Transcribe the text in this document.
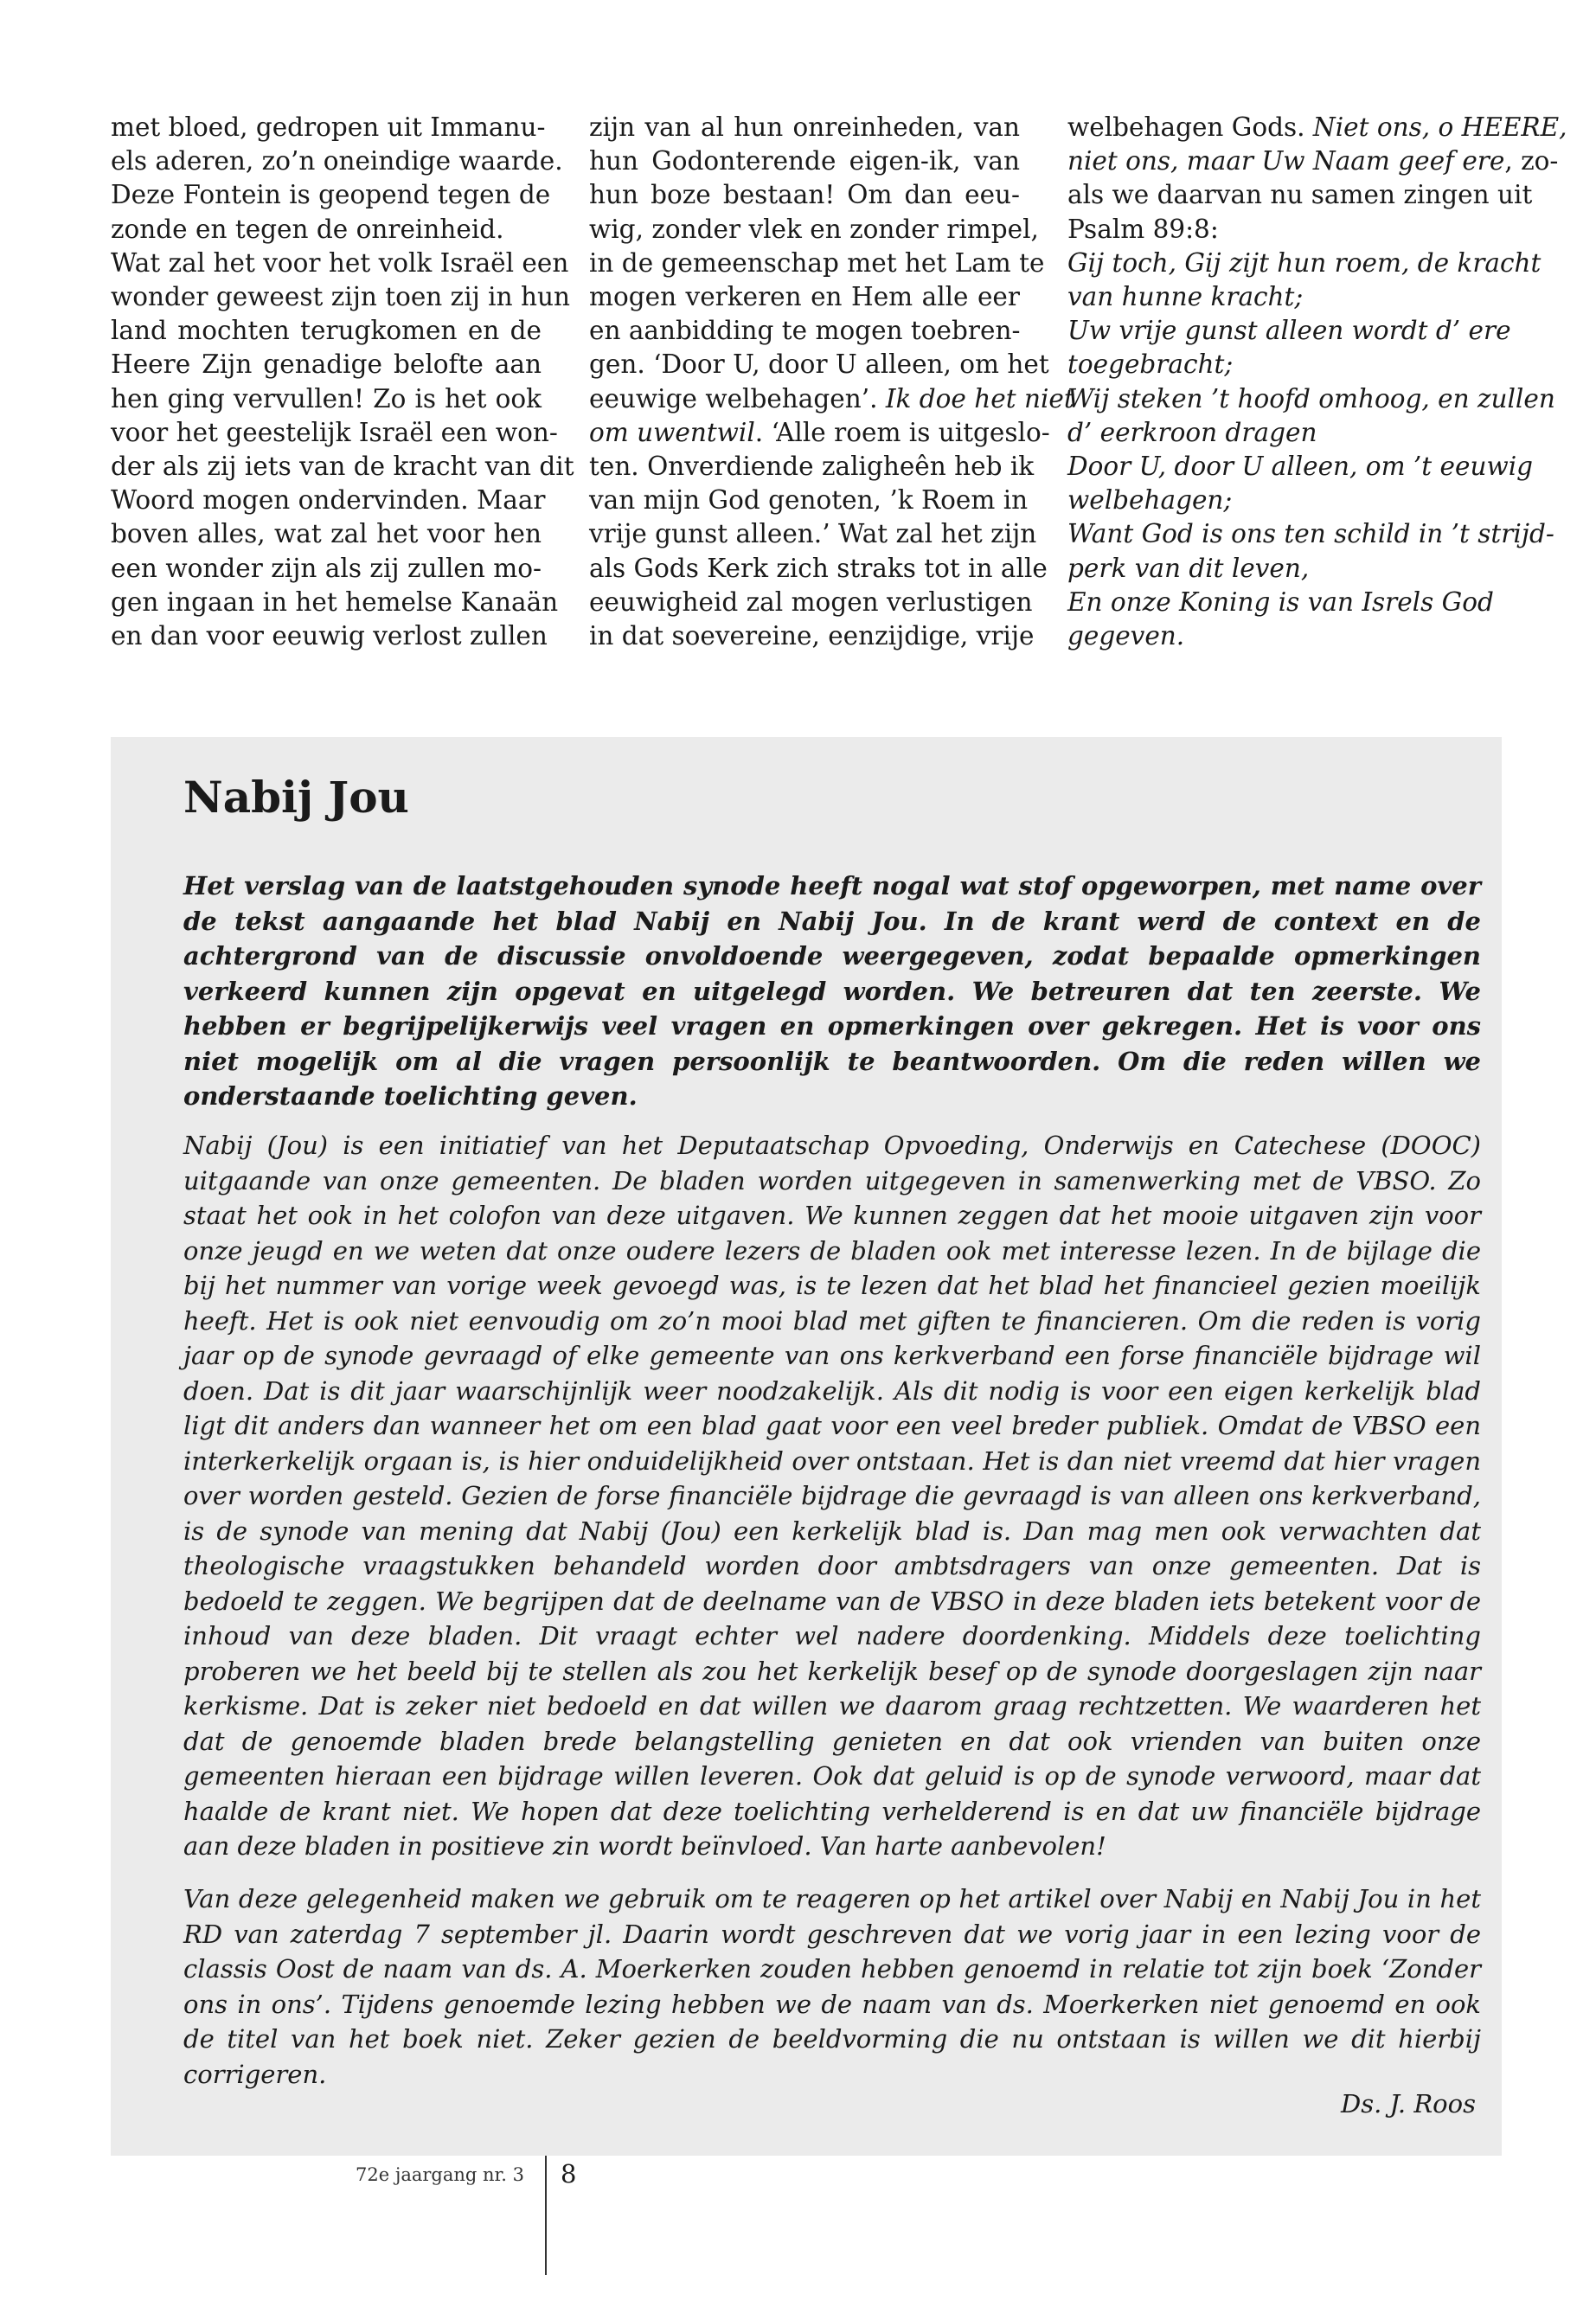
met bloed, gedropen uit Immanu-
els aderen, zo’n oneindige waarde.
Deze Fontein is geopend tegen de
zonde en tegen de onreinheid.
Wat zal het voor het volk Israël een
wonder geweest zijn toen zij in hun
land mochten terugkomen en de
Heere Zijn genadige belofte aan
hen ging vervullen! Zo is het ook
voor het geestelijk Israël een won-
der als zij iets van de kracht van dit
Woord mogen ondervinden. Maar
boven alles, wat zal het voor hen
een wonder zijn als zij zullen mo-
gen ingaan in het hemelse Kanaän
en dan voor eeuwig verlost zullen
zijn van al hun onreinheden, van
hun Godonterende eigen-ik, van
hun boze bestaan! Om dan eeu-
wig, zonder vlek en zonder rimpel,
in de gemeenschap met het Lam te
mogen verkeren en Hem alle eer
en aanbidding te mogen toebren-
gen. ‘Door U, door U alleen, om het
eeuwige welbehagen’. Ik doe het niet
om uwentwil. ‘Alle roem is uitgeslo-
ten. Onverdiende zaligheên heb ik
van mijn God genoten, ’k Roem in
vrije gunst alleen.’ Wat zal het zijn
als Gods Kerk zich straks tot in alle
eeuwigheid zal mogen verlustigen
in dat soevereine, eenzijdige, vrije
welbehagen Gods. Niet ons, o HEERE,
niet ons, maar Uw Naam geef ere, zo-
als we daarvan nu samen zingen uit
Psalm 89:8:
Gij toch, Gij zijt hun roem, de kracht
van hunne kracht;
Uw vrije gunst alleen wordt d’ ere
toegebracht;
Wij steken ’t hoofd omhoog, en zullen
d’ eerkroon dragen
Door U, door U alleen, om ’t eeuwig
welbehagen;
Want God is ons ten schild in ’t strijd-
perk van dit leven,
En onze Koning is van Isrels God
gegeven.
Nabij Jou

Het verslag van de laatstgehouden synode heeft nogal wat stof opgeworpen, met name over de tekst aangaande het blad Nabij en Nabij Jou. In de krant werd de context en de achtergrond van de discussie onvoldoende weergegeven, zodat bepaalde opmerkingen verkeerd kunnen zijn opgevat en uitgelegd worden. We betreuren dat ten zeerste. We hebben er begrijpelijkerwijs veel vragen en opmerkingen over gekregen. Het is voor ons niet mogelijk om al die vragen persoonlijk te beantwoorden. Om die reden willen we onderstaande toelichting geven.

Nabij (Jou) is een initiatief van het Deputaatschap Opvoeding, Onderwijs en Catechese (DOOC) uitgaande van onze gemeenten. De bladen worden uitgegeven in samenwerking met de VBSO. Zo staat het ook in het colofon van deze uitgaven. We kunnen zeggen dat het mooie uitgaven zijn voor onze jeugd en we weten dat onze oudere lezers de bladen ook met interesse lezen. In de bijlage die bij het nummer van vorige week gevoegd was, is te lezen dat het blad het financieel gezien moeilijk heeft. Het is ook niet eenvoudig om zo’n mooi blad met giften te financieren. Om die reden is vorig jaar op de synode gevraagd of elke gemeente van ons kerkverband een forse financiële bijdrage wil doen. Dat is dit jaar waarschijnlijk weer noodzakelijk. Als dit nodig is voor een eigen kerkelijk blad ligt dit anders dan wanneer het om een blad gaat voor een veel breder publiek. Omdat de VBSO een interkerkelijk orgaan is, is hier onduidelijkheid over ontstaan. Het is dan niet vreemd dat hier vragen over worden gesteld. Gezien de forse financiële bijdrage die gevraagd is van alleen ons kerkverband, is de synode van mening dat Nabij (Jou) een kerkelijk blad is. Dan mag men ook verwachten dat theologische vraagstukken behandeld worden door ambtsdragers van onze gemeenten. Dat is bedoeld te zeggen. We begrijpen dat de deelname van de VBSO in deze bladen iets betekent voor de inhoud van deze bladen. Dit vraagt echter wel nadere doordenking. Middels deze toelichting proberen we het beeld bij te stellen als zou het kerkelijk besef op de synode doorgeslagen zijn naar kerkisme. Dat is zeker niet bedoeld en dat willen we daarom graag rechtzetten. We waarderen het dat de genoemde bladen brede belangstelling genieten en dat ook vrienden van buiten onze gemeenten hieraan een bijdrage willen leveren. Ook dat geluid is op de synode verwoord, maar dat haalde de krant niet. We hopen dat deze toelichting verhelderend is en dat uw financiële bijdrage aan deze bladen in positieve zin wordt beïnvloed. Van harte aanbevolen!

Van deze gelegenheid maken we gebruik om te reageren op het artikel over Nabij en Nabij Jou in het RD van zaterdag 7 september jl. Daarin wordt geschreven dat we vorig jaar in een lezing voor de classis Oost de naam van ds. A. Moerkerken zouden hebben genoemd in relatie tot zijn boek ‘Zonder ons in ons’. Tijdens genoemde lezing hebben we de naam van ds. Moerkerken niet genoemd en ook de titel van het boek niet. Zeker gezien de beeldvorming die nu ontstaan is willen we dit hierbij corrigeren.

Ds. J. Roos

72e jaargang nr. 3 8
